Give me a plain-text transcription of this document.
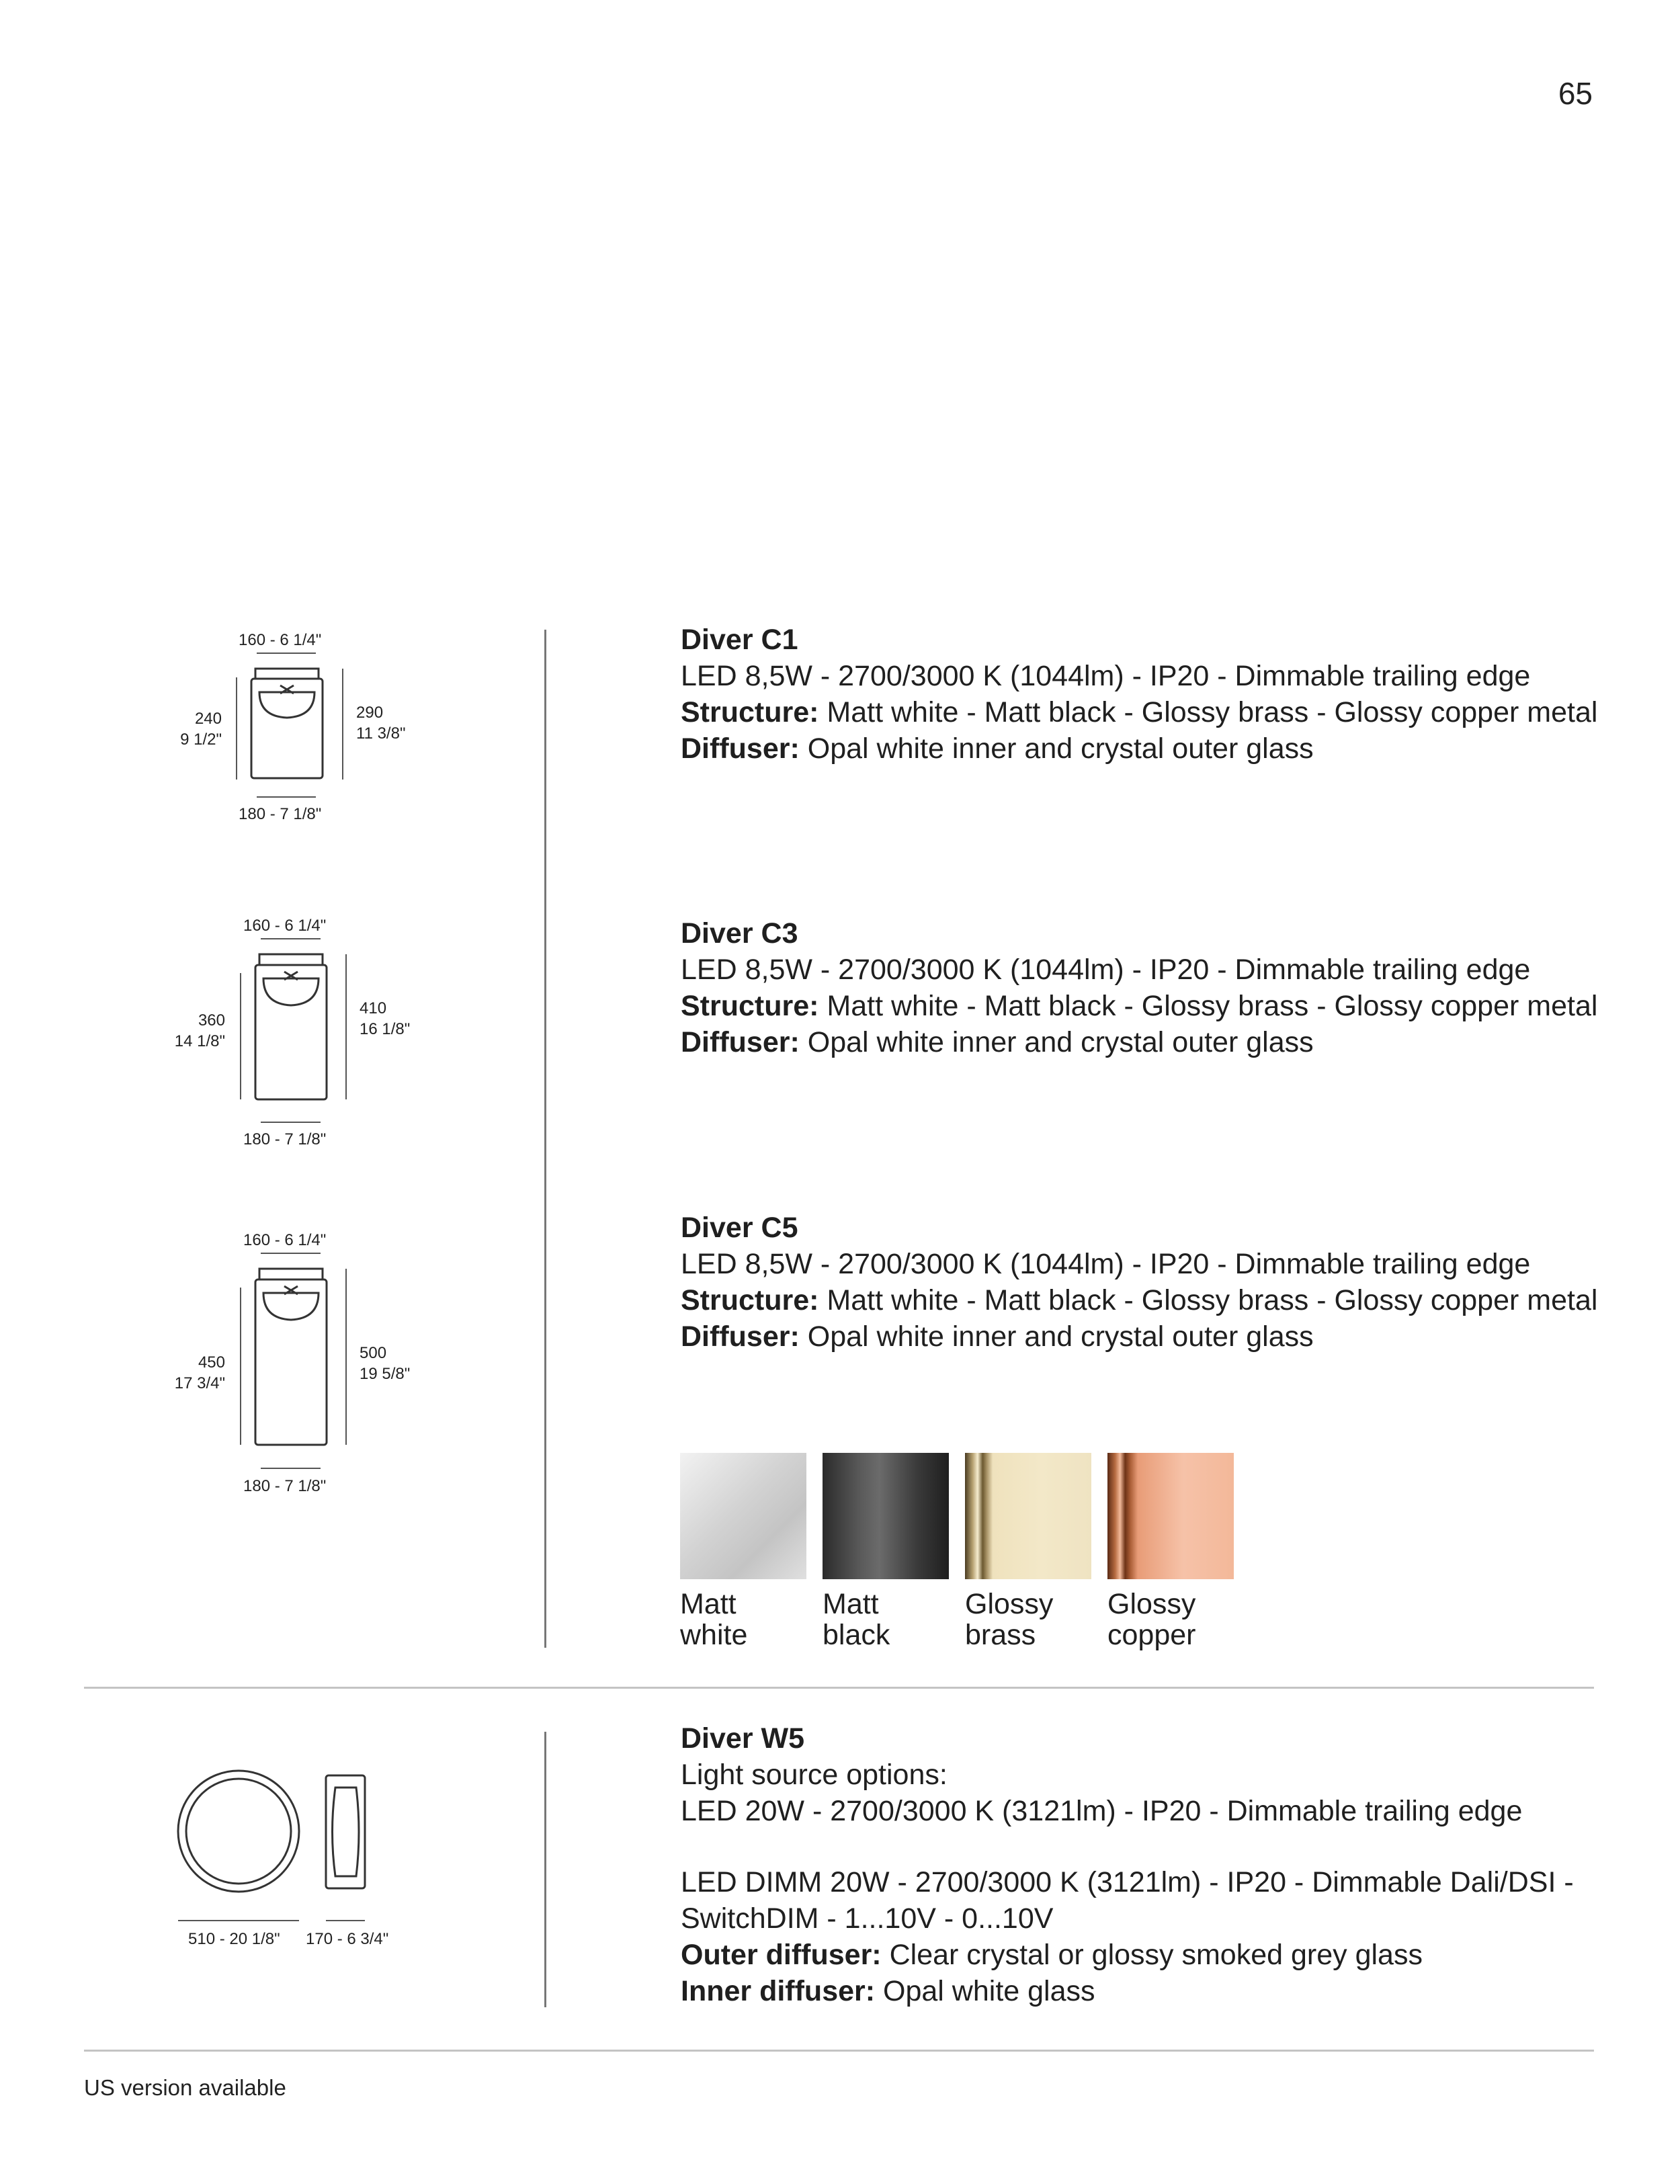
65
160 - 6 1/4"
240
9 1/2"
290
11 3/8"
180 - 7 1/8"
160 - 6 1/4"
360
14 1/8"
410
16 1/8"
180 - 7 1/8"
160 - 6 1/4"
450
17 3/4"
500
19 5/8"
180 - 7 1/8"
Diver C1
LED 8,5W - 2700/3000 K (1044lm) - IP20 - Dimmable trailing edge
Structure: Matt white - Matt black - Glossy brass - Glossy copper metal
Diffuser: Opal white inner and crystal outer glass
Diver C3
LED 8,5W - 2700/3000 K (1044lm) - IP20 - Dimmable trailing edge
Structure: Matt white - Matt black - Glossy brass - Glossy copper metal
Diffuser: Opal white inner and crystal outer glass
Diver C5
LED 8,5W - 2700/3000 K (1044lm) - IP20 - Dimmable trailing edge
Structure: Matt white - Matt black - Glossy brass - Glossy copper metal
Diffuser: Opal white inner and crystal outer glass
Matt
white
Matt
black
Glossy
brass
Glossy
copper
510 - 20 1/8" 170 - 6 3/4"
Diver W5
Light source options:
LED 20W - 2700/3000 K (3121lm) - IP20 - Dimmable trailing edge
LED DIMM 20W - 2700/3000 K (3121lm) - IP20 - Dimmable Dali/DSI -
SwitchDIM - 1...10V - 0...10V
Outer diffuser: Clear crystal or glossy smoked grey glass
Inner diffuser: Opal white glass
US version available
